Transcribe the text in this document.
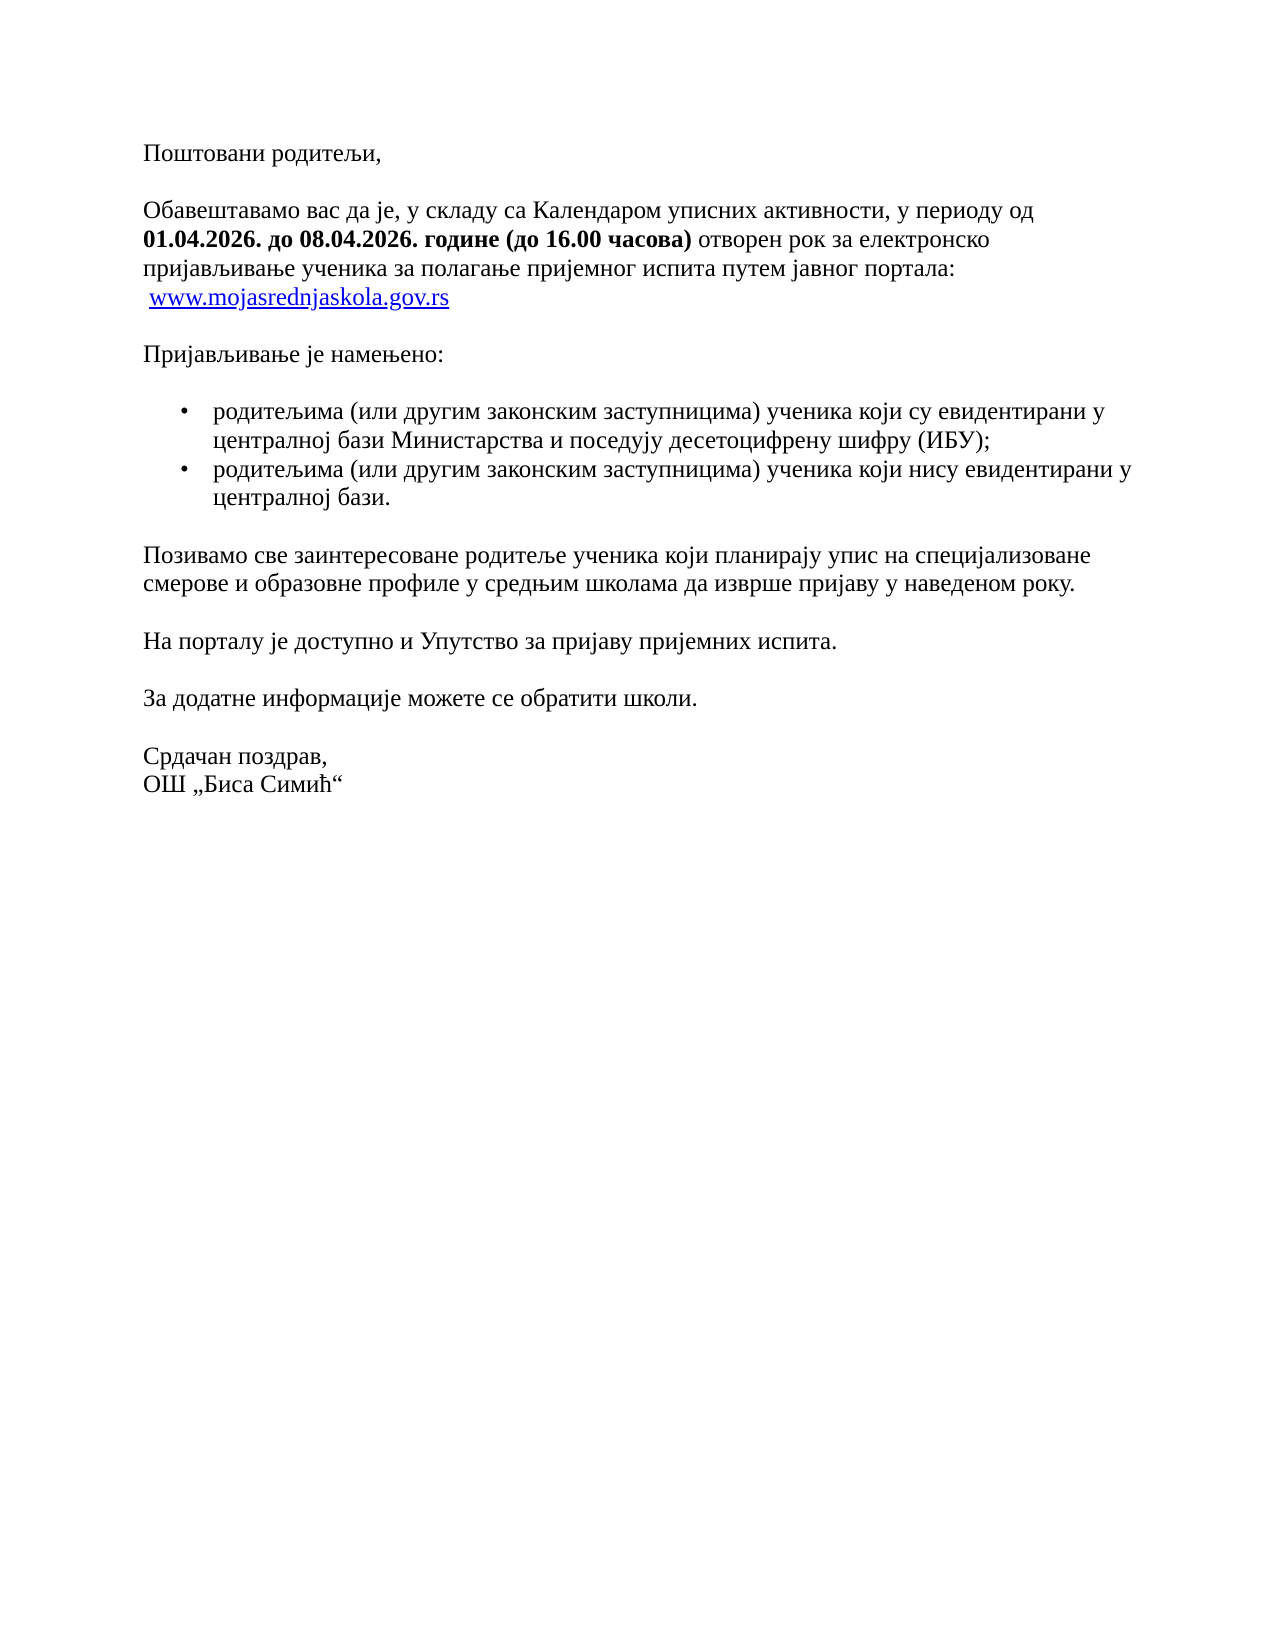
Поштовани родитељи,

Обавештавамо вас да је, у складу са Календаром уписних активности, у периоду од 01.04.2026. до 08.04.2026. године (до 16.00 часова) отворен рок за електронско пријављивање ученика за полагање пријемног испита путем јавног портала:
www.mojasrednjaskola.gov.rs

Пријављивање је намењено:

• родитељима (или другим законским заступницима) ученика који су евидентирани у централној бази Министарства и поседују десетоцифрену шифру (ИБУ);
• родитељима (или другим законским заступницима) ученика који нису евидентирани у централној бази.

Позивамо све заинтересоване родитеље ученика који планирају упис на специјализоване смерове и образовне профиле у средњим школама да изврше пријаву у наведеном року.

На порталу је доступно и Упутство за пријаву пријемних испита.

За додатне информације можете се обратити школи.

Срдачан поздрав,
ОШ „Биса Симић“
